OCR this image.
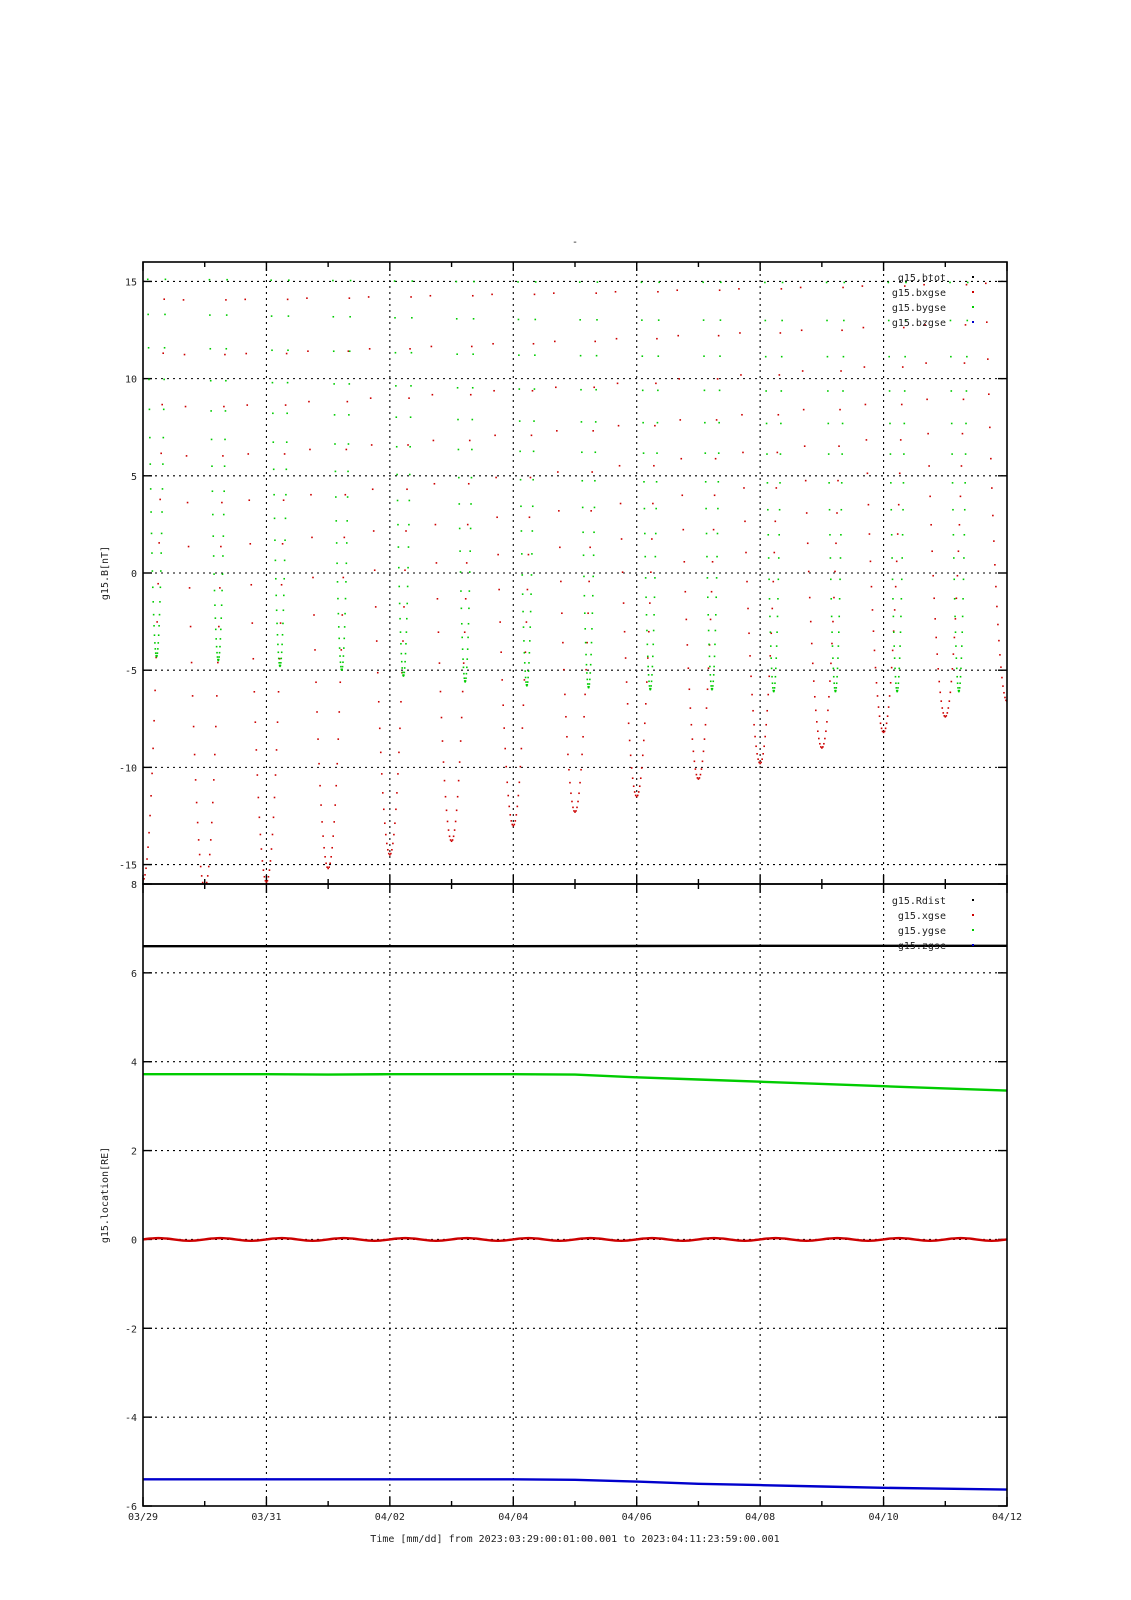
-
15
10
5
0
-5
-10
-15
g15.btot
g15.bxgse
g15.bygse
g15.bzgse
g15.B[nT]
8
6
4
2
0
-2
-4
-6
g15.Rdist
g15.xgse
g15.ygse
g15.zgse
g15.location[RE]
03/29	03/31	04/02	04/04	04/06	04/08	04/10	04/12
Time [mm/dd] from 2023:03:29:00:01:00.001 to 2023:04:11:23:59:00.001
